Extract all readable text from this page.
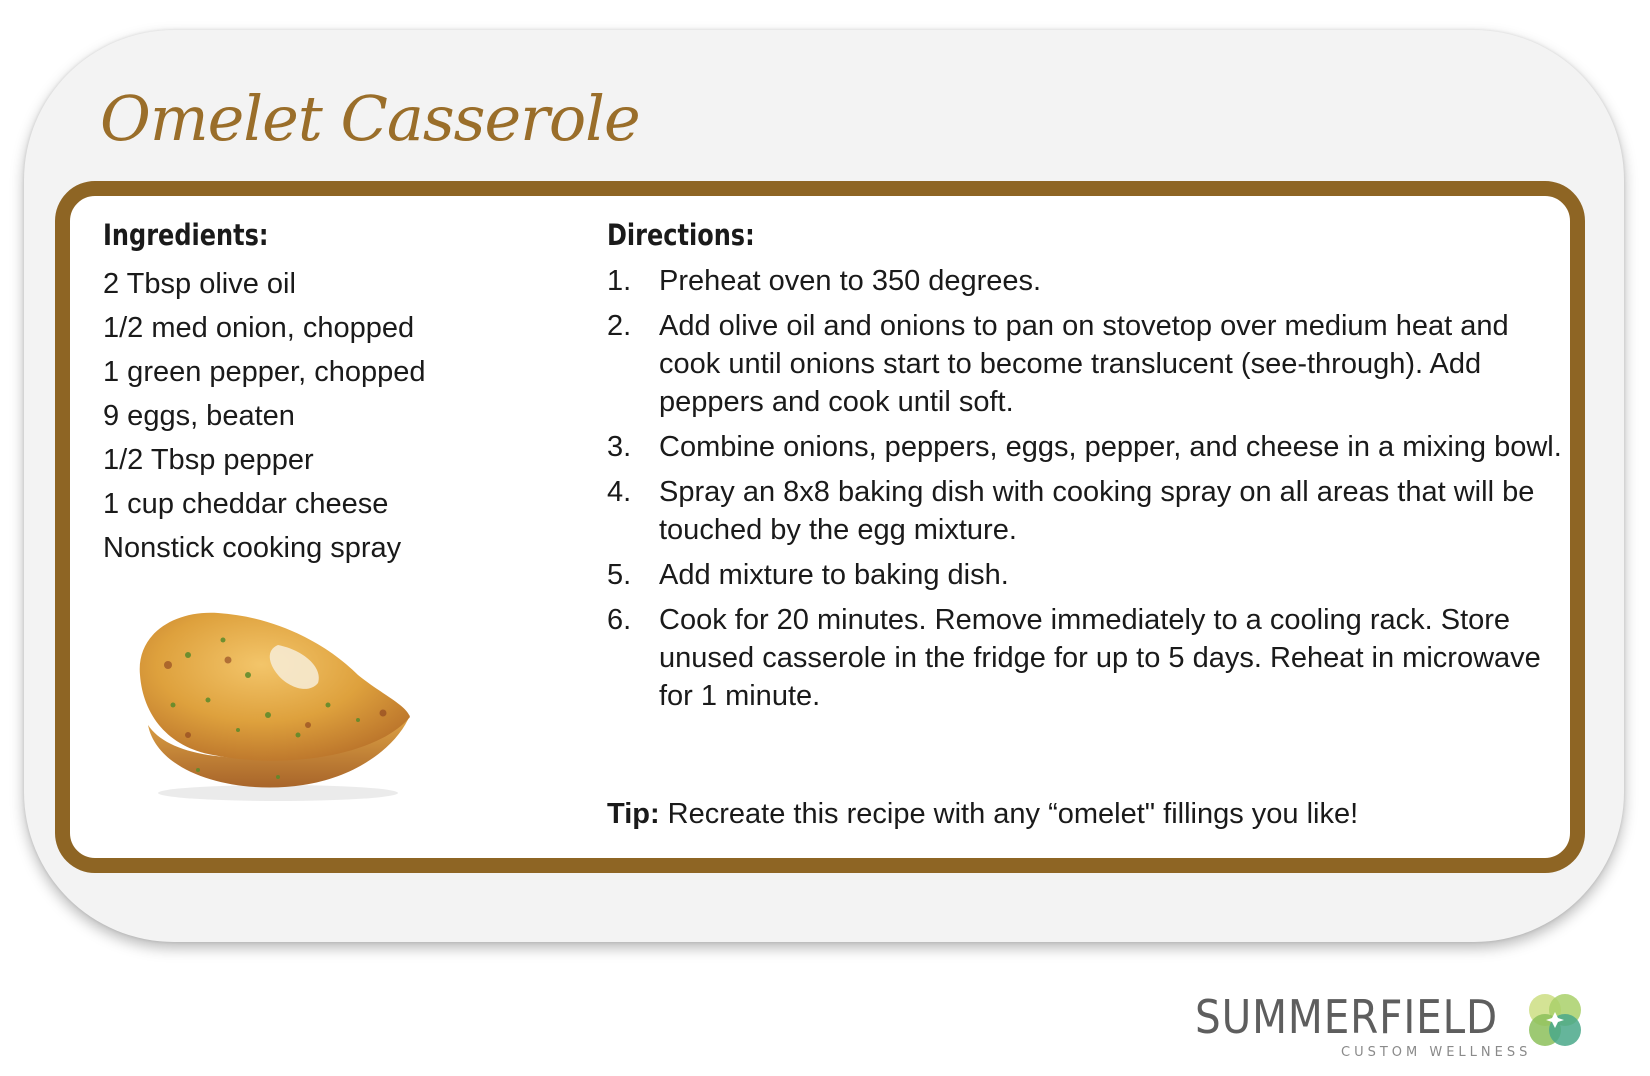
Omelet Casserole
Ingredients:
2 Tbsp olive oil
1/2 med onion, chopped
1 green pepper, chopped
9 eggs, beaten
1/2 Tbsp pepper
1 cup cheddar cheese
Nonstick cooking spray
Directions:
1. Preheat oven to 350 degrees.
2. Add olive oil and onions to pan on stovetop over medium heat and cook until onions start to become translucent (see-through). Add peppers and cook until soft.
3. Combine onions, peppers, eggs, pepper, and cheese in a mixing bowl.
4. Spray an 8x8 baking dish with cooking spray on all areas that will be touched by the egg mixture.
5. Add mixture to baking dish.
6. Cook for 20 minutes. Remove immediately to a cooling rack. Store unused casserole in the fridge for up to 5 days. Reheat in microwave for 1 minute.
Tip: Recreate this recipe with any “omelet" fillings you like!
SUMMERFIELD
CUSTOM WELLNESS
